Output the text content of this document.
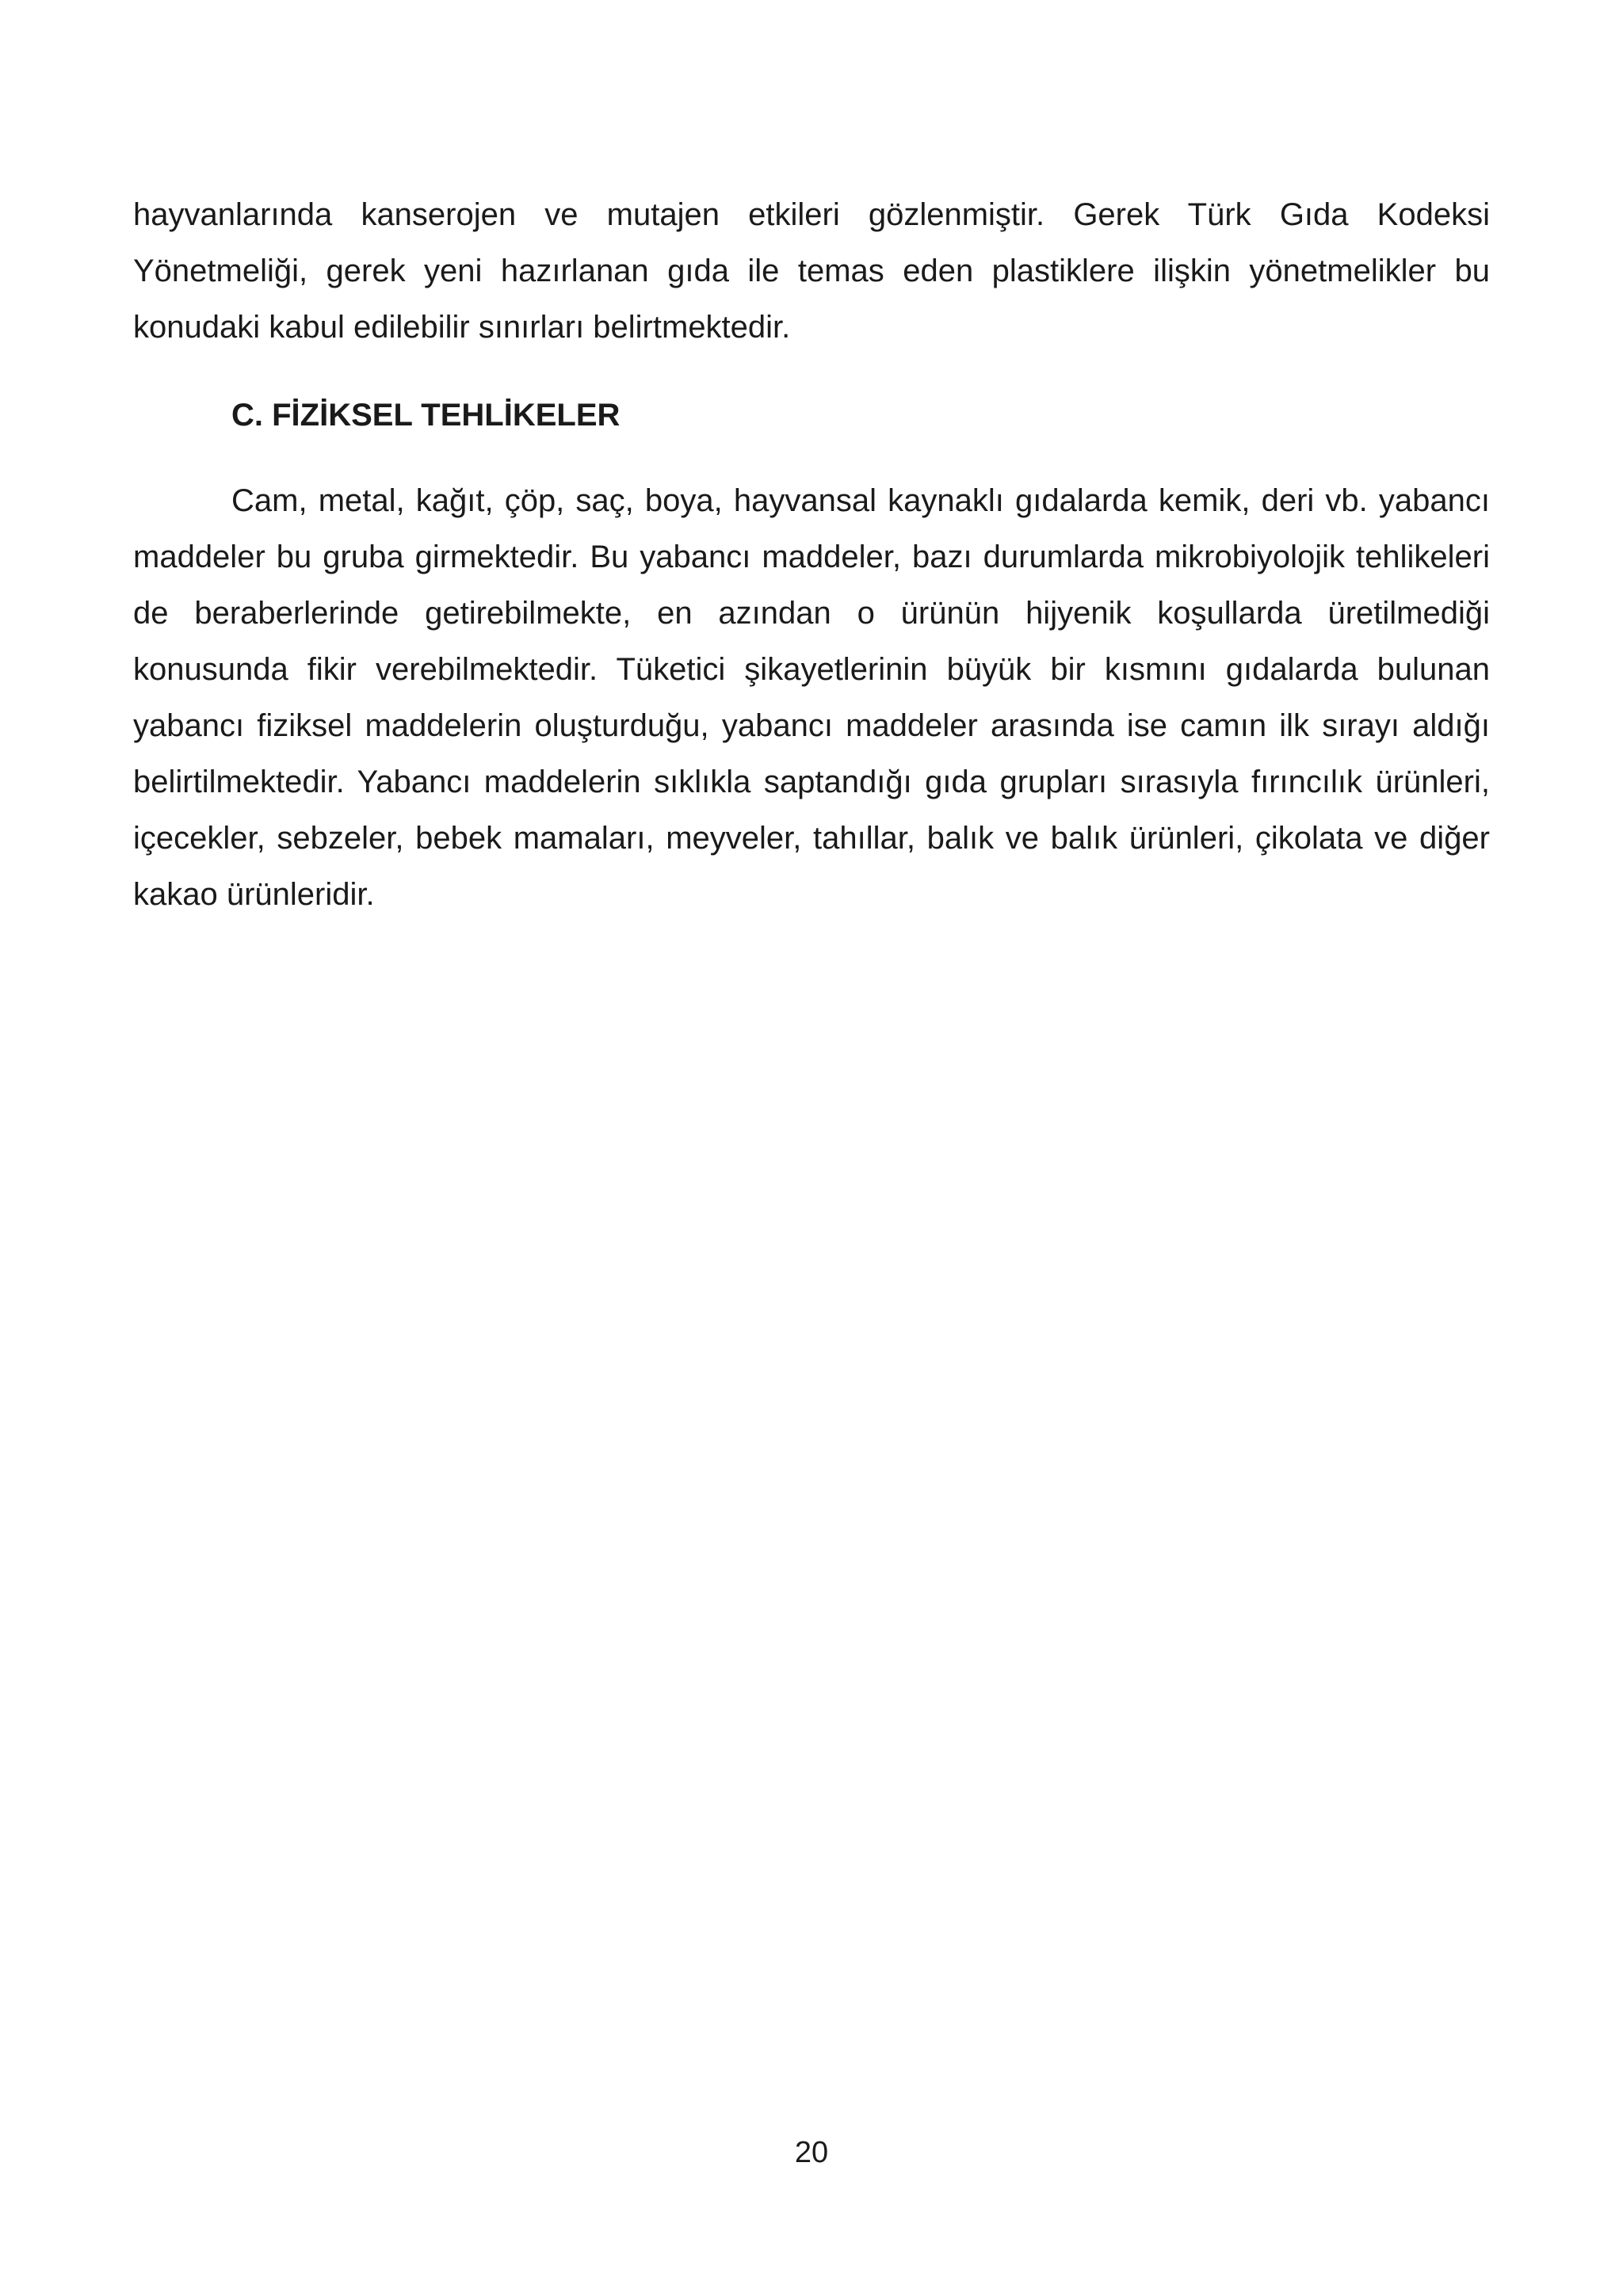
hayvanlarında kanserojen ve mutajen etkileri gözlenmiştir. Gerek Türk Gıda Kodeksi Yönetmeliği, gerek yeni hazırlanan gıda ile temas eden plastiklere ilişkin yönetmelikler bu konudaki kabul edilebilir sınırları belirtmektedir.

C. FİZİKSEL TEHLİKELER

Cam, metal, kağıt, çöp, saç, boya, hayvansal kaynaklı gıdalarda kemik, deri vb. yabancı maddeler bu gruba girmektedir. Bu yabancı maddeler, bazı durumlarda mikrobiyolojik tehlikeleri de beraberlerinde getirebilmekte, en azından o ürünün hijyenik koşullarda üretilmediği konusunda fikir verebilmektedir. Tüketici şikayetlerinin büyük bir kısmını gıdalarda bulunan yabancı fiziksel maddelerin oluşturduğu, yabancı maddeler arasında ise camın ilk sırayı aldığı belirtilmektedir. Yabancı maddelerin sıklıkla saptandığı gıda grupları sırasıyla fırıncılık ürünleri, içecekler, sebzeler, bebek mamaları, meyveler, tahıllar, balık ve balık ürünleri, çikolata ve diğer kakao ürünleridir.

20
